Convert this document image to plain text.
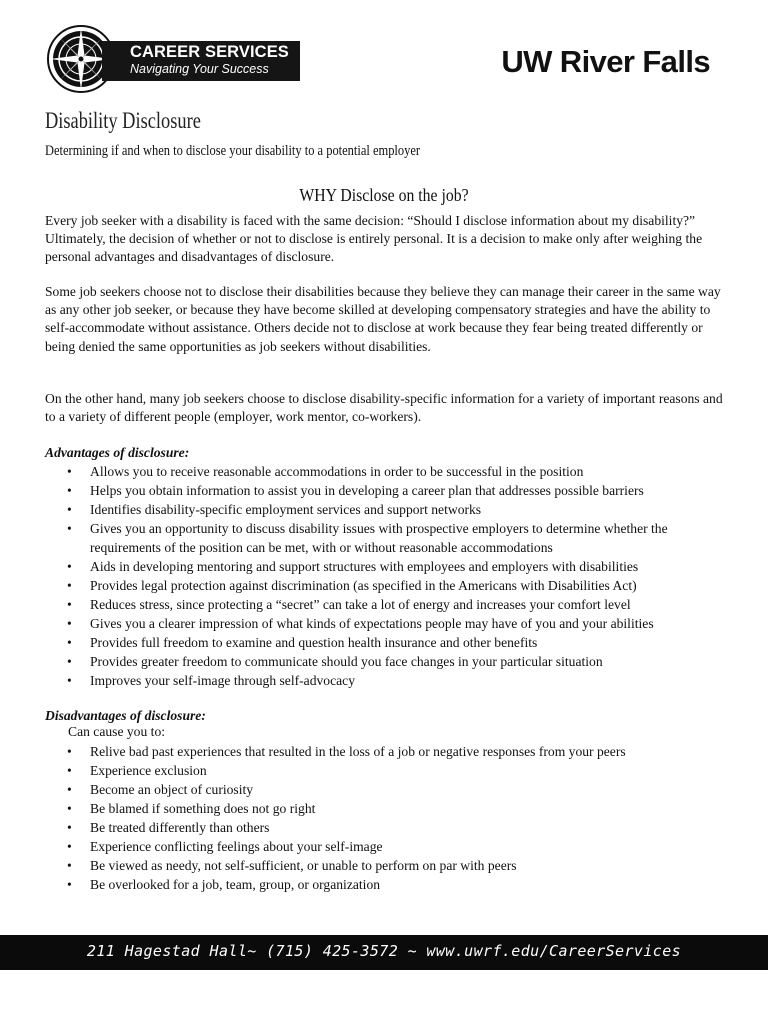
CAREER SERVICES
Navigating Your Success	UW River Falls
Disability Disclosure
Determining if and when to disclose your disability to a potential employer
WHY Disclose on the job?

Every job seeker with a disability is faced with the same decision: “Should I disclose information about my disability?” Ultimately, the decision of whether or not to disclose is entirely personal. It is a decision to make only after weighing the personal advantages and disadvantages of disclosure.

Some job seekers choose not to disclose their disabilities because they believe they can manage their career in the same way as any other job seeker, or because they have become skilled at developing compensatory strategies and have the ability to self-accommodate without assistance. Others decide not to disclose at work because they fear being treated differently or being denied the same opportunities as job seekers without disabilities.

On the other hand, many job seekers choose to disclose disability-specific information for a variety of important reasons and to a variety of different people (employer, work mentor, co-workers).

Advantages of disclosure:
• Allows you to receive reasonable accommodations in order to be successful in the position
• Helps you obtain information to assist you in developing a career plan that addresses possible barriers
• Identifies disability-specific employment services and support networks
• Gives you an opportunity to discuss disability issues with prospective employers to determine whether the requirements of the position can be met, with or without reasonable accommodations
• Aids in developing mentoring and support structures with employees and employers with disabilities
• Provides legal protection against discrimination (as specified in the Americans with Disabilities Act)
• Reduces stress, since protecting a “secret” can take a lot of energy and increases your comfort level
• Gives you a clearer impression of what kinds of expectations people may have of you and your abilities
• Provides full freedom to examine and question health insurance and other benefits
• Provides greater freedom to communicate should you face changes in your particular situation
• Improves your self-image through self-advocacy
Disadvantages of disclosure:
Can cause you to:
• Relive bad past experiences that resulted in the loss of a job or negative responses from your peers
• Experience exclusion
• Become an object of curiosity
• Be blamed if something does not go right
• Be treated differently than others
• Experience conflicting feelings about your self-image
• Be viewed as needy, not self-sufficient, or unable to perform on par with peers
• Be overlooked for a job, team, group, or organization
211 Hagestad Hall~ (715) 425-3572 ~ www.uwrf.edu/CareerServices
